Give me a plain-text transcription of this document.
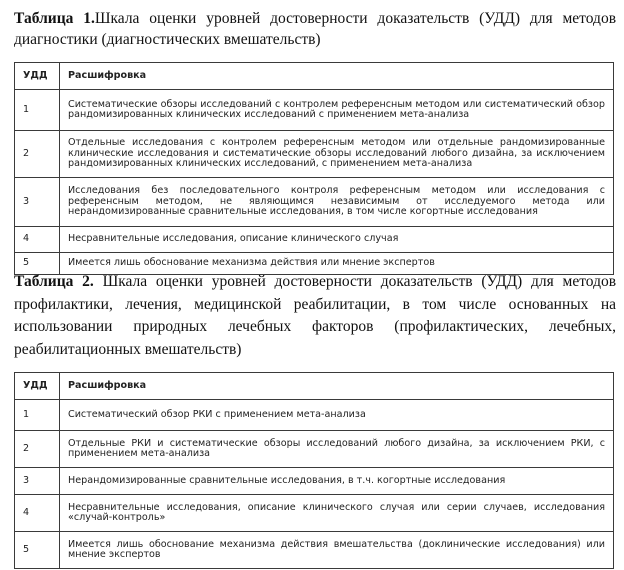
Таблица 1.Шкала оценки уровней достоверности доказательств (УДД) для методов диагностики (диагностических вмешательств)
УДД	Расшифровка
1	Систематические обзоры исследований с контролем референсным методом или систематический обзор рандомизированных клинических исследований с применением мета-анализа
2	Отдельные исследования с контролем референсным методом или отдельные рандомизированные клинические исследования и систематические обзоры исследований любого дизайна, за исключением рандомизированных клинических исследований, с применением мета-анализа
3	Исследования без последовательного контроля референсным методом или исследования с референсным методом, не являющимся независимым от исследуемого метода или нерандомизированные сравнительные исследования, в том числе когортные исследования
4	Несравнительные исследования, описание клинического случая
5	Имеется лишь обоснование механизма действия или мнение экспертов
Таблица 2. Шкала оценки уровней достоверности доказательств (УДД) для методов профилактики, лечения, медицинской реабилитации, в том числе основанных на использовании природных лечебных факторов (профилактических, лечебных, реабилитационных вмешательств)
УДД	Расшифровка
1	Систематический обзор РКИ с применением мета-анализа
2	Отдельные РКИ и систематические обзоры исследований любого дизайна, за исключением РКИ, с применением мета-анализа
3	Нерандомизированные сравнительные исследования, в т.ч. когортные исследования
4	Несравнительные исследования, описание клинического случая или серии случаев, исследования «случай-контроль»
5	Имеется лишь обоснование механизма действия вмешательства (доклинические исследования) или мнение экспертов
